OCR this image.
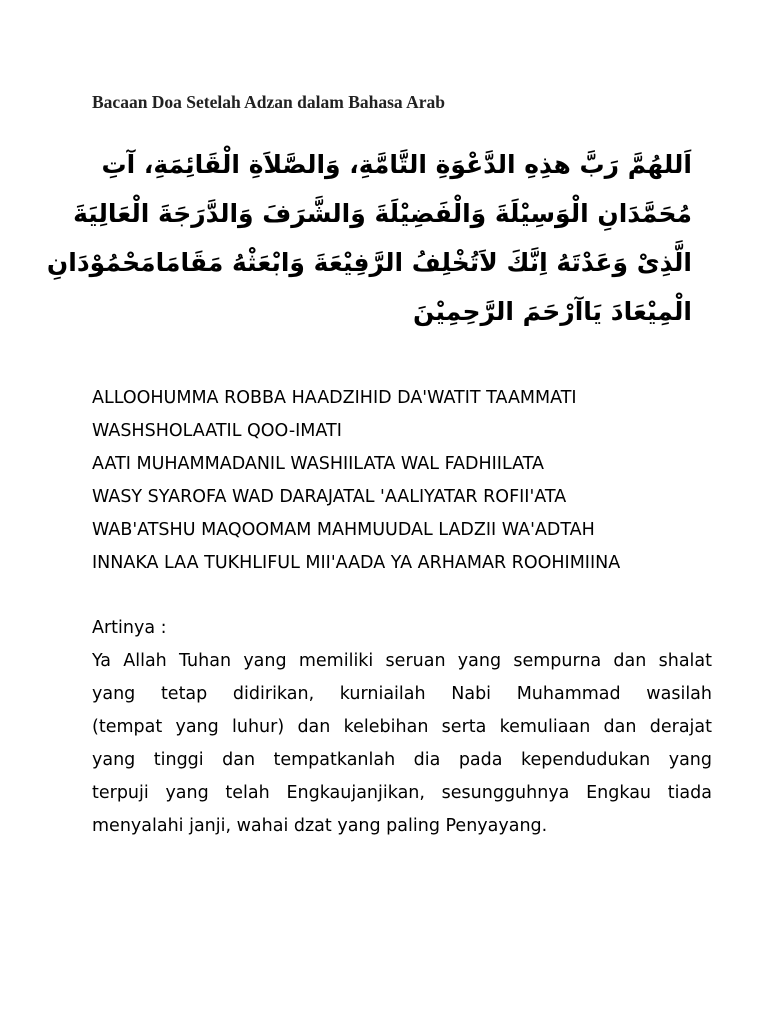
Bacaan Doa Setelah Adzan dalam Bahasa Arab
اَللهُمَّ رَبَّ هذِهِ الدَّعْوَةِ التَّامَّةِ، وَالصَّلاَةِ الْقَائِمَةِ، آتِ
مُحَمَّدَانِ الْوَسِيْلَةَ وَالْفَضِيْلَةَ وَالشَّرَفَ وَالدَّرَجَةَ الْعَالِيَةَ
الَّذِىْ وَعَدْتَهُ اِنَّكَ لاَتُخْلِفُ الرَّفِيْعَةَ وَابْعَثْهُ مَقَامَامَحْمُوْدَانِ
الْمِيْعَادَ يَاآرْحَمَ الرَّحِمِيْنَ
ALLOOHUMMA ROBBA HAADZIHID DA'WATIT TAAMMATI
WASHSHOLAATIL QOO-IMATI
AATI MUHAMMADANIL WASHIILATA WAL FADHIILATA
WASY SYAROFA WAD DARAJATAL 'AALIYATAR ROFII'ATA
WAB'ATSHU MAQOOMAM MAHMUUDAL LADZII WA'ADTAH
INNAKA LAA TUKHLIFUL MII'AADA YA ARHAMAR ROOHIMIINA
Artinya :
Ya Allah Tuhan yang memiliki seruan yang sempurna dan shalat
yang tetap didirikan, kurniailah Nabi Muhammad wasilah
(tempat yang luhur) dan kelebihan serta kemuliaan dan derajat
yang tinggi dan tempatkanlah dia pada kependudukan yang
terpuji yang telah Engkaujanjikan, sesungguhnya Engkau tiada
menyalahi janji, wahai dzat yang paling Penyayang.
